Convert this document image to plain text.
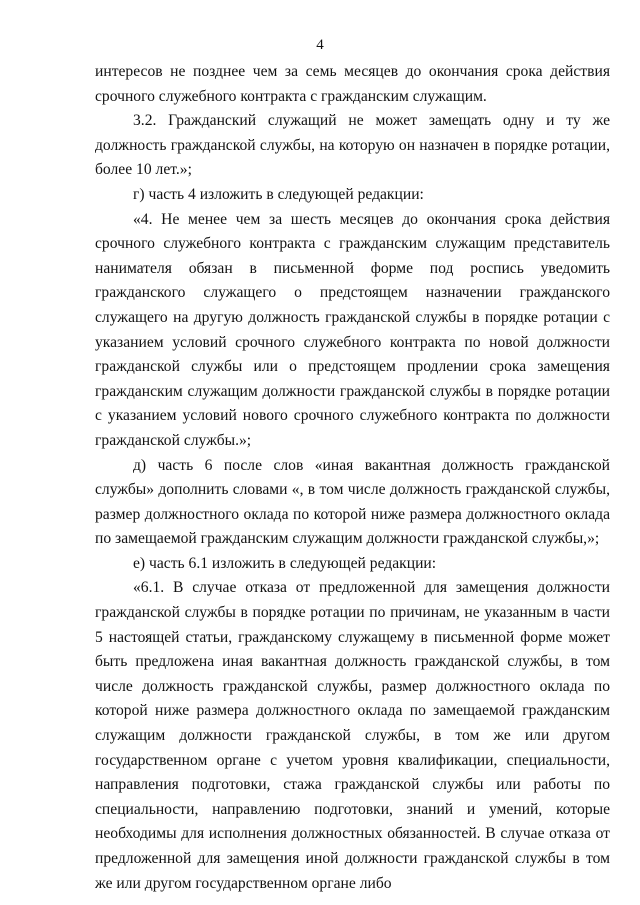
4

интересов не позднее чем за семь месяцев до окончания срока действия срочного служебного контракта с гражданским служащим.

3.2. Гражданский служащий не может замещать одну и ту же должность гражданской службы, на которую он назначен в порядке ротации, более 10 лет.»;

г) часть 4 изложить в следующей редакции:

«4. Не менее чем за шесть месяцев до окончания срока действия срочного служебного контракта с гражданским служащим представитель нанимателя обязан в письменной форме под роспись уведомить гражданского служащего о предстоящем назначении гражданского служащего на другую должность гражданской службы в порядке ротации с указанием условий срочного служебного контракта по новой должности гражданской службы или о предстоящем продлении срока замещения гражданским служащим должности гражданской службы в порядке ротации с указанием условий нового срочного служебного контракта по должности гражданской службы.»;

д) часть 6 после слов «иная вакантная должность гражданской службы» дополнить словами «, в том числе должность гражданской службы, размер должностного оклада по которой ниже размера должностного оклада по замещаемой гражданским служащим должности гражданской службы,»;

е) часть 6.1 изложить в следующей редакции:

«6.1. В случае отказа от предложенной для замещения должности гражданской службы в порядке ротации по причинам, не указанным в части 5 настоящей статьи, гражданскому служащему в письменной форме может быть предложена иная вакантная должность гражданской службы, в том числе должность гражданской службы, размер должностного оклада по которой ниже размера должностного оклада по замещаемой гражданским служащим должности гражданской службы, в том же или другом государственном органе с учетом уровня квалификации, специальности, направления подготовки, стажа гражданской службы или работы по специальности, направлению подготовки, знаний и умений, которые необходимы для исполнения должностных обязанностей. В случае отказа от предложенной для замещения иной должности гражданской службы в том же или другом государственном органе либо
